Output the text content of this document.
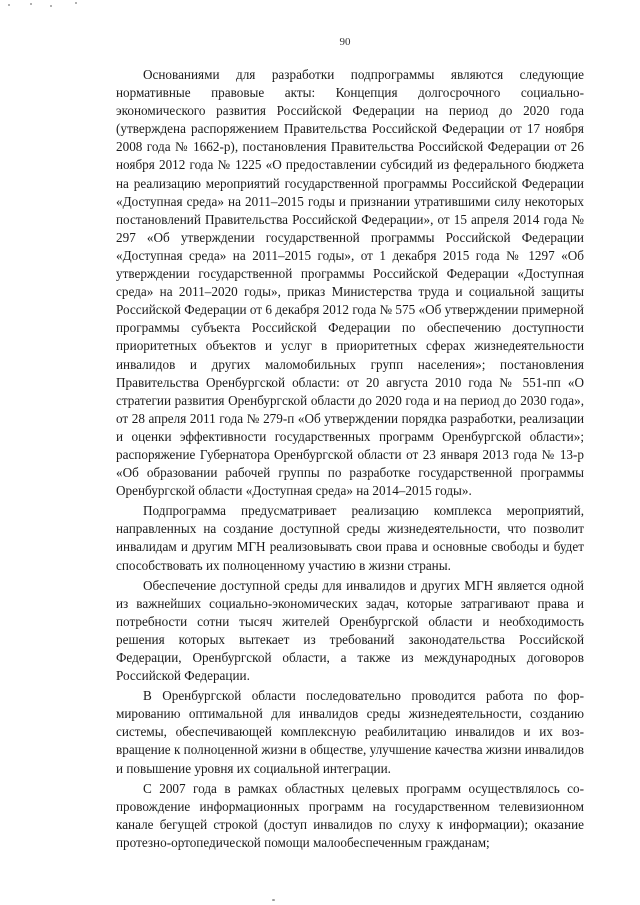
90

Основаниями для разработки подпрограммы являются следующие нормативные правовые акты: Концепция долгосрочного социально-экономического развития Российской Федерации на период до 2020 года (утверждена распоряжением Правительства Российской Федерации от 17 ноября 2008 года № 1662-р), постановления Правительства Российской Федерации от 26 ноября 2012 года № 1225 «О предоставлении субсидий из федерального бюджета на реализацию мероприятий государственной программы Российской Федерации «Доступная среда» на 2011–2015 годы и признании утратившими силу некоторых постановлений Правительства Российской Федерации», от 15 апреля 2014 года № 297 «Об утверждении государственной программы Российской Федерации «Доступная среда» на 2011–2015 годы», от 1 декабря 2015 года № 1297 «Об утверждении государственной программы Российской Федерации «Доступная среда» на 2011–2020 годы», приказ Министерства труда и социальной защиты Российской Федерации от 6 декабря 2012 года № 575 «Об утверждении примерной программы субъекта Российской Федерации по обеспечению доступности приоритетных объектов и услуг в приоритетных сферах жизнедеятельности инвалидов и других маломобильных групп населения»; постановления Правительства Оренбургской области: от 20 августа 2010 года № 551-пп «О стратегии развития Оренбургской области до 2020 года и на период до 2030 года», от 28 апреля 2011 года № 279-п «Об утверждении порядка разработки, реализации и оценки эффективности государственных программ Оренбургской области»; распоряжение Губернатора Оренбургской области от 23 января 2013 года № 13-р «Об образовании рабочей группы по разработке государственной программы Оренбургской области «Доступная среда» на 2014–2015 годы».

Подпрограмма предусматривает реализацию комплекса мероприятий, направленных на создание доступной среды жизнедеятельности, что позволит инвалидам и другим МГН реализовывать свои права и основные свободы и будет способствовать их полноценному участию в жизни страны.

Обеспечение доступной среды для инвалидов и других МГН является одной из важнейших социально-экономических задач, которые затрагивают права и потребности сотни тысяч жителей Оренбургской области и необходимость решения которых вытекает из требований законодательства Российской Федерации, Оренбургской области, а также из международных договоров Российской Федерации.

В Оренбургской области последовательно проводится работа по формированию оптимальной для инвалидов среды жизнедеятельности, созданию системы, обеспечивающей комплексную реабилитацию инвалидов и их возвращение к полноценной жизни в обществе, улучшение качества жизни инвалидов и повышение уровня их социальной интеграции.

С 2007 года в рамках областных целевых программ осуществлялось сопровождение информационных программ на государственном телевизионном канале бегущей строкой (доступ инвалидов по слуху к информации); оказание протезно-ортопедической помощи малообеспеченным гражданам;
